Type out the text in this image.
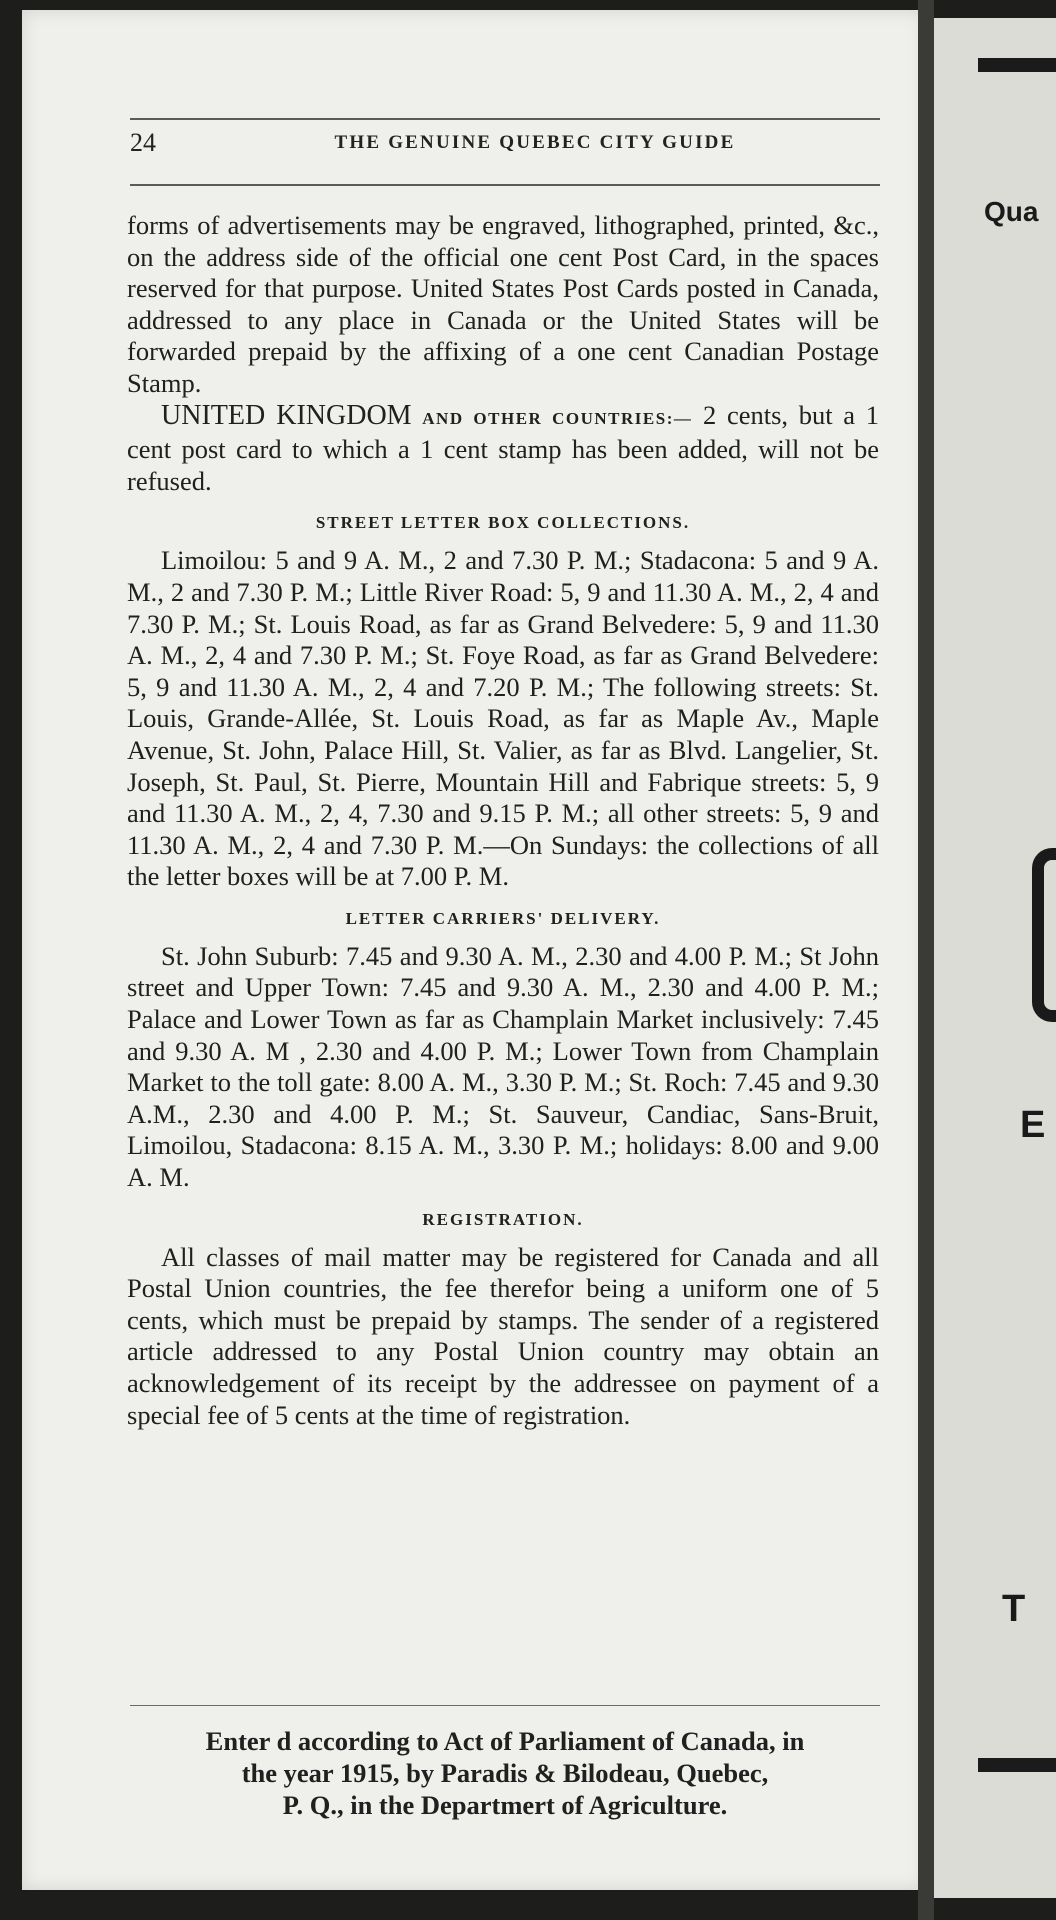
Qua
E
T
24	THE GENUINE QUEBEC CITY GUIDE

forms of advertisements may be engraved, lithographed, printed, &c., on the address side of the official one cent Post Card, in the spaces reserved for that purpose. United States Post Cards posted in Canada, addressed to any place in Canada or the United States will be forwarded prepaid by the affixing of a one cent Canadian Postage Stamp.

UNITED KINGDOM AND OTHER COUNTRIES:— 2 cents, but a 1 cent post card to which a 1 cent stamp has been added, will not be refused.

STREET LETTER BOX COLLECTIONS.

Limoilou: 5 and 9 A. M., 2 and 7.30 P. M.; Stadacona: 5 and 9 A. M., 2 and 7.30 P. M.; Little River Road: 5, 9 and 11.30 A. M., 2, 4 and 7.30 P. M.; St. Louis Road, as far as Grand Belvedere: 5, 9 and 11.30 A. M., 2, 4 and 7.30 P. M.; St. Foye Road, as far as Grand Belvedere: 5, 9 and 11.30 A. M., 2, 4 and 7.20 P. M.; The following streets: St. Louis, Grande-Allée, St. Louis Road, as far as Maple Av., Maple Avenue, St. John, Palace Hill, St. Valier, as far as Blvd. Langelier, St. Joseph, St. Paul, St. Pierre, Mountain Hill and Fabrique streets: 5, 9 and 11.30 A. M., 2, 4, 7.30 and 9.15 P. M.; all other streets: 5, 9 and 11.30 A. M., 2, 4 and 7.30 P. M.—On Sundays: the collections of all the letter boxes will be at 7.00 P. M.

LETTER CARRIERS' DELIVERY.

St. John Suburb: 7.45 and 9.30 A. M., 2.30 and 4.00 P. M.; St John street and Upper Town: 7.45 and 9.30 A. M., 2.30 and 4.00 P. M.; Palace and Lower Town as far as Champlain Market inclusively: 7.45 and 9.30 A. M , 2.30 and 4.00 P. M.; Lower Town from Champlain Market to the toll gate: 8.00 A. M., 3.30 P. M.; St. Roch: 7.45 and 9.30 A.M., 2.30 and 4.00 P. M.; St. Sauveur, Candiac, Sans-Bruit, Limoilou, Stadacona: 8.15 A. M., 3.30 P. M.; holidays: 8.00 and 9.00 A. M.

REGISTRATION.

All classes of mail matter may be registered for Canada and all Postal Union countries, the fee therefor being a uniform one of 5 cents, which must be prepaid by stamps. The sender of a registered article addressed to any Postal Union country may obtain an acknowledgement of its receipt by the addressee on payment of a special fee of 5 cents at the time of registration.

Enter d according to Act of Parliament of Canada, in
the year 1915, by Paradis & Bilodeau, Quebec,
P. Q., in the Departmert of Agriculture.
